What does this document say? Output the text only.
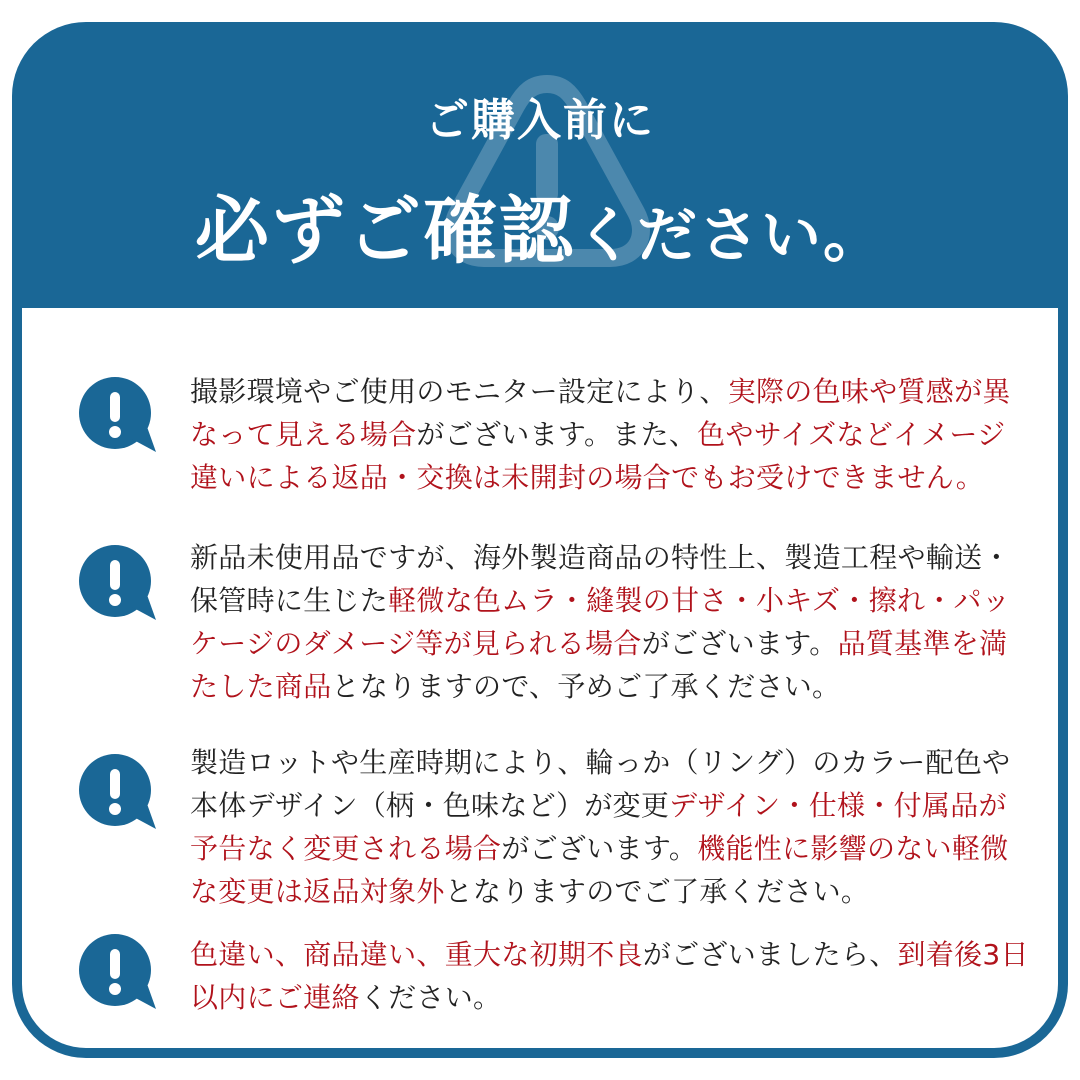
ご購入前に
必ずご確認ください。
撮影環境やご使用のモニター設定により、実際の色味や質感が異なって見える場合がございます。また、色やサイズなどイメージ違いによる返品・交換は未開封の場合でもお受けできません。
新品未使用品ですが、海外製造商品の特性上、製造工程や輸送・保管時に生じた軽微な色ムラ・縫製の甘さ・小キズ・擦れ・パッケージのダメージ等が見られる場合がございます。品質基準を満たした商品となりますので、予めご了承ください。
製造ロットや生産時期により、輪っか（リング）のカラー配色や本体デザイン（柄・色味など）が変更デザイン・仕様・付属品が予告なく変更される場合がございます。機能性に影響のない軽微な変更は返品対象外となりますのでご了承ください。
色違い、商品違い、重大な初期不良がございましたら、到着後3日以内にご連絡ください。
